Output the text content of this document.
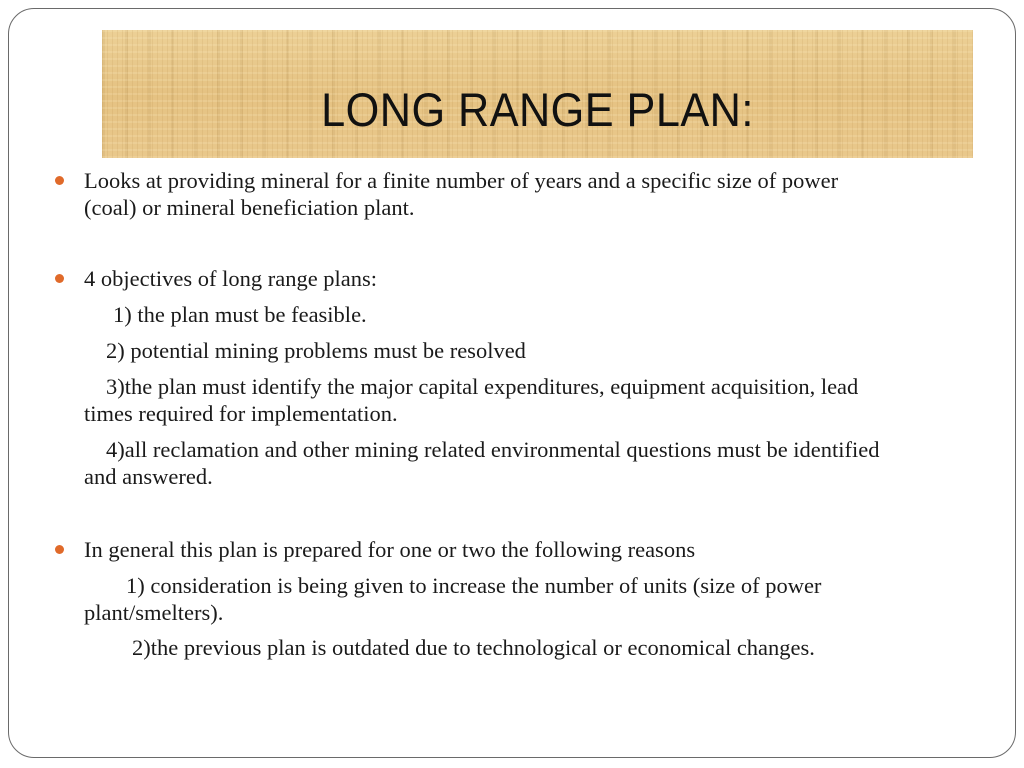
LONG RANGE PLAN:
Looks at providing mineral for a finite number of years and a specific size of power
(coal) or mineral beneficiation plant.
4 objectives of long range plans:
1) the plan must be feasible.
2) potential mining problems must be resolved
3)the plan must identify the major capital expenditures, equipment acquisition, lead
times required for implementation.
4)all reclamation and other mining related environmental questions must be identified
and answered.
In general this plan is prepared for one or two the following reasons
1) consideration is being given to increase the number of units (size of power
plant/smelters).
2)the previous plan is outdated due to technological or economical changes.
